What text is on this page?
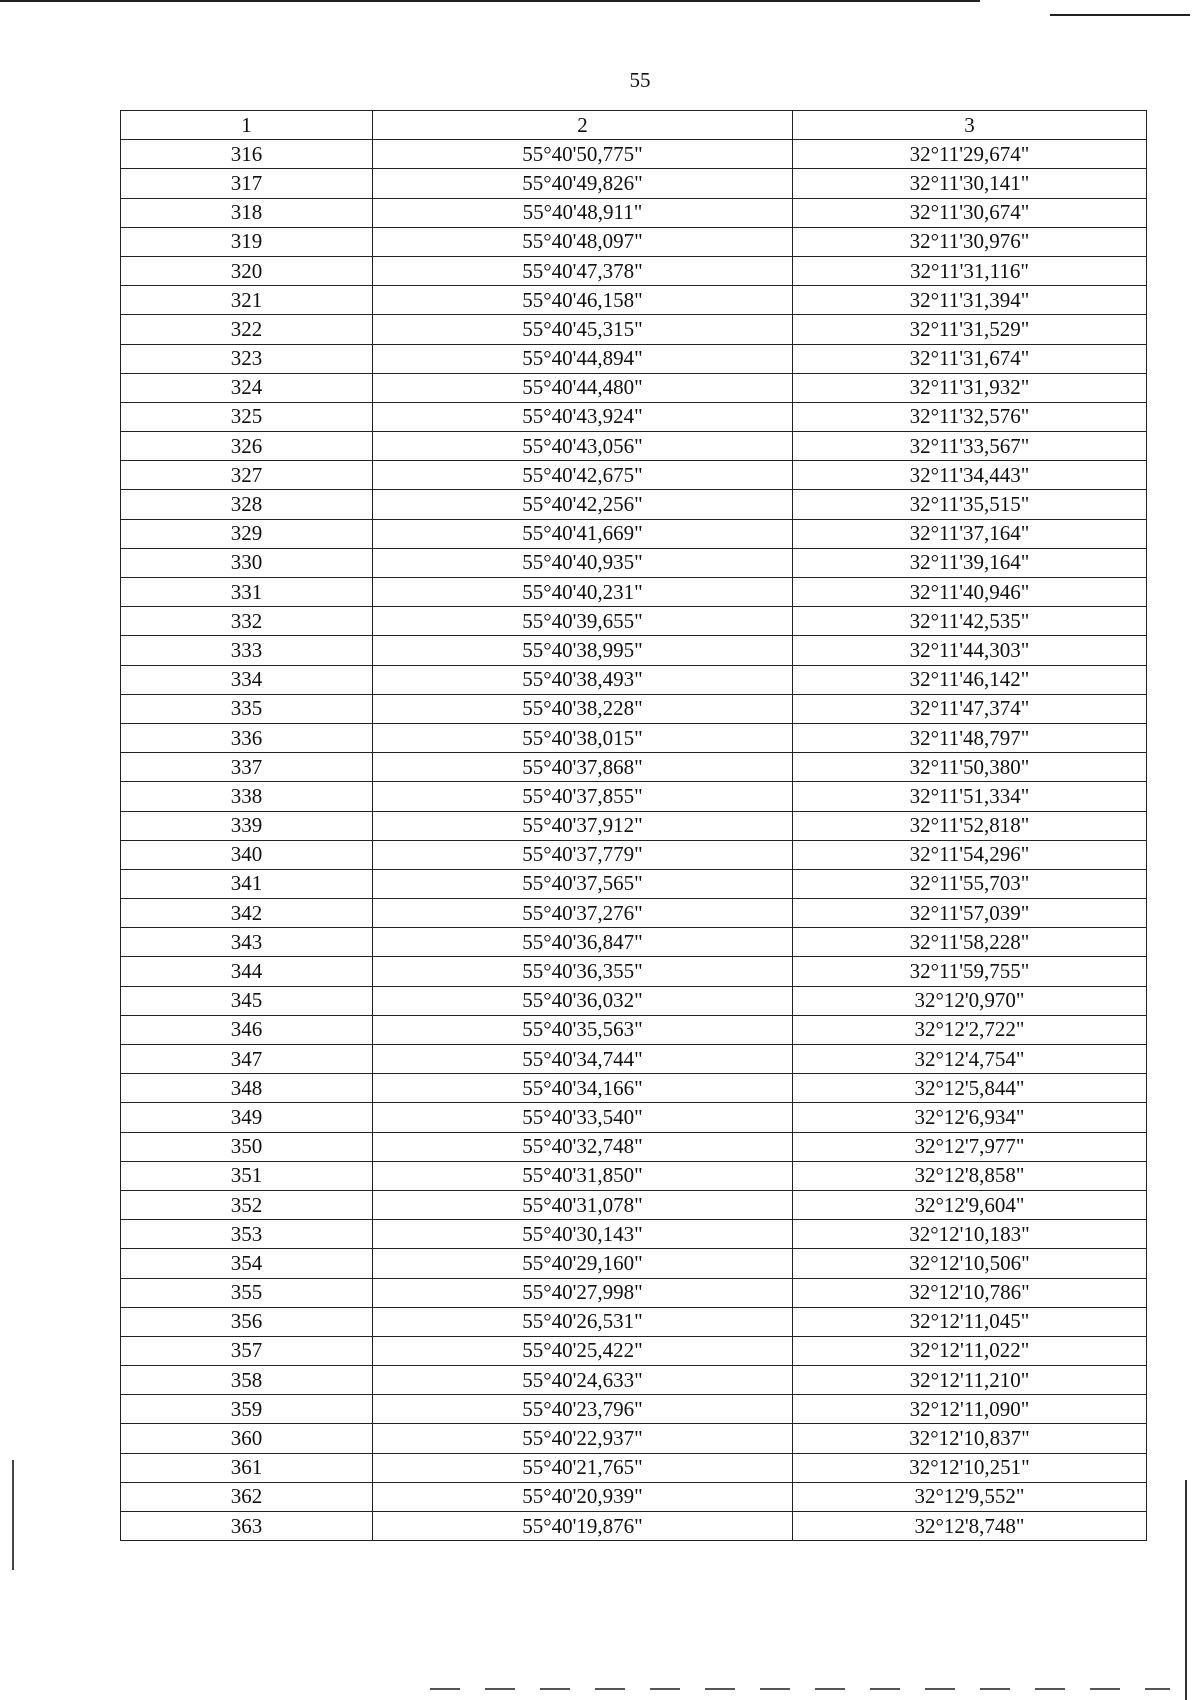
55
1	2	3
316	55°40'50,775"	32°11'29,674"
317	55°40'49,826"	32°11'30,141"
318	55°40'48,911"	32°11'30,674"
319	55°40'48,097"	32°11'30,976"
320	55°40'47,378"	32°11'31,116"
321	55°40'46,158"	32°11'31,394"
322	55°40'45,315"	32°11'31,529"
323	55°40'44,894"	32°11'31,674"
324	55°40'44,480"	32°11'31,932"
325	55°40'43,924"	32°11'32,576"
326	55°40'43,056"	32°11'33,567"
327	55°40'42,675"	32°11'34,443"
328	55°40'42,256"	32°11'35,515"
329	55°40'41,669"	32°11'37,164"
330	55°40'40,935"	32°11'39,164"
331	55°40'40,231"	32°11'40,946"
332	55°40'39,655"	32°11'42,535"
333	55°40'38,995"	32°11'44,303"
334	55°40'38,493"	32°11'46,142"
335	55°40'38,228"	32°11'47,374"
336	55°40'38,015"	32°11'48,797"
337	55°40'37,868"	32°11'50,380"
338	55°40'37,855"	32°11'51,334"
339	55°40'37,912"	32°11'52,818"
340	55°40'37,779"	32°11'54,296"
341	55°40'37,565"	32°11'55,703"
342	55°40'37,276"	32°11'57,039"
343	55°40'36,847"	32°11'58,228"
344	55°40'36,355"	32°11'59,755"
345	55°40'36,032"	32°12'0,970"
346	55°40'35,563"	32°12'2,722"
347	55°40'34,744"	32°12'4,754"
348	55°40'34,166"	32°12'5,844"
349	55°40'33,540"	32°12'6,934"
350	55°40'32,748"	32°12'7,977"
351	55°40'31,850"	32°12'8,858"
352	55°40'31,078"	32°12'9,604"
353	55°40'30,143"	32°12'10,183"
354	55°40'29,160"	32°12'10,506"
355	55°40'27,998"	32°12'10,786"
356	55°40'26,531"	32°12'11,045"
357	55°40'25,422"	32°12'11,022"
358	55°40'24,633"	32°12'11,210"
359	55°40'23,796"	32°12'11,090"
360	55°40'22,937"	32°12'10,837"
361	55°40'21,765"	32°12'10,251"
362	55°40'20,939"	32°12'9,552"
363	55°40'19,876"	32°12'8,748"
